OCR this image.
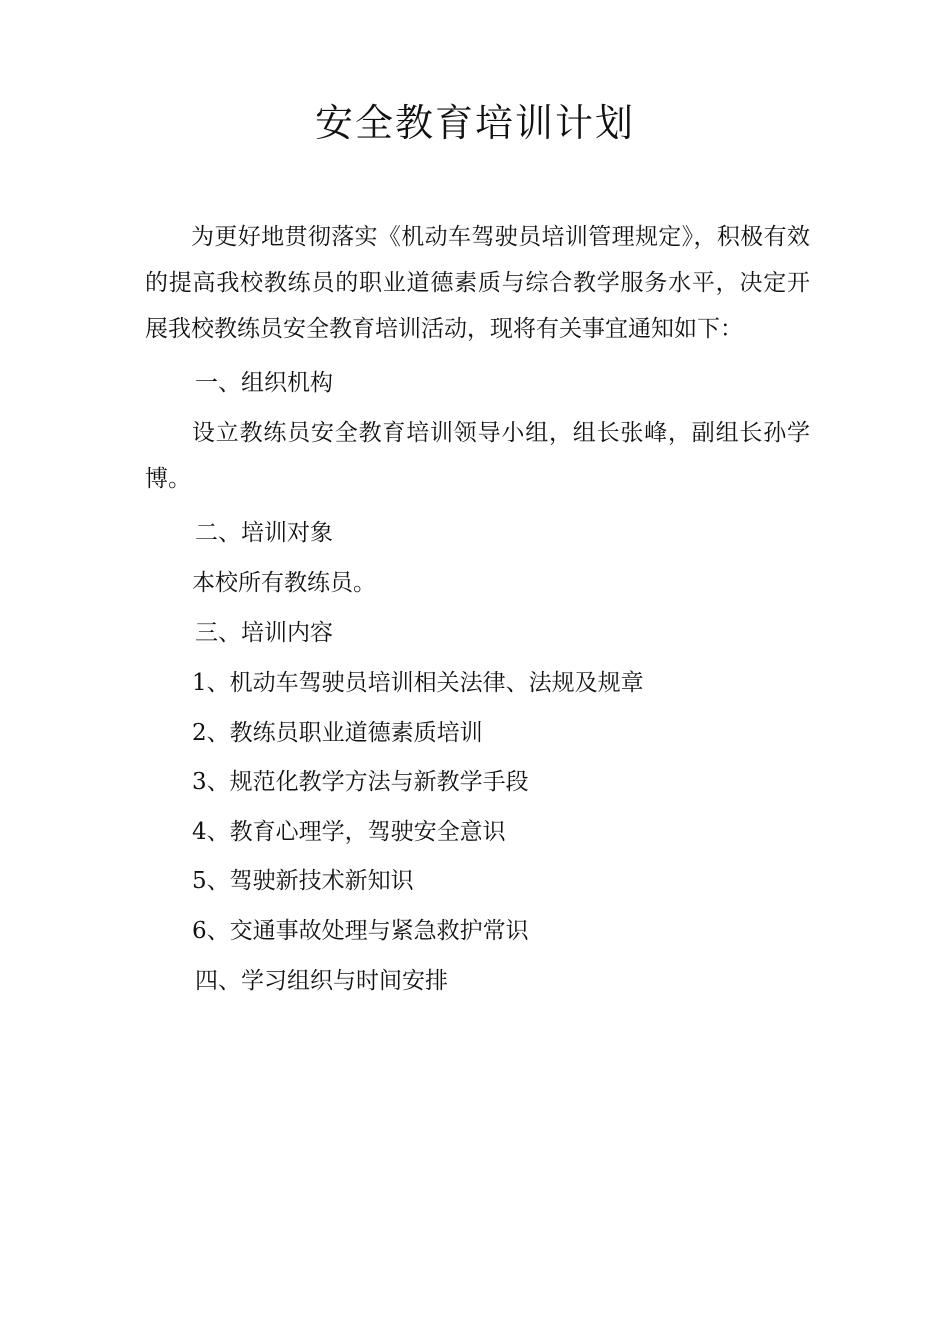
安全教育培训计划

为更好地贯彻落实《机动车驾驶员培训管理规定》，积极有效的提高我校教练员的职业道德素质与综合教学服务水平，决定开展我校教练员安全教育培训活动，现将有关事宜通知如下：

一、组织机构

设立教练员安全教育培训领导小组，组长张峰，副组长孙学博。

二、培训对象
本校所有教练员。
三、培训内容
1、机动车驾驶员培训相关法律、法规及规章
2、教练员职业道德素质培训
3、规范化教学方法与新教学手段
4、教育心理学，驾驶安全意识
5、驾驶新技术新知识
6、交通事故处理与紧急救护常识
四、学习组织与时间安排
